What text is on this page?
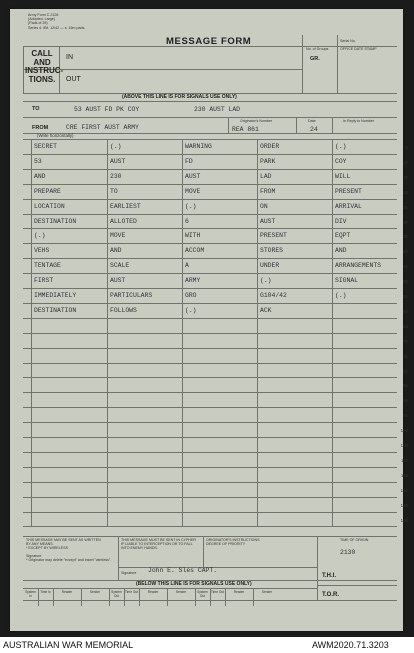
Army Form C.2128
(Adopted. Large)
(Pads of 25)
Series 4. 5M. 12/42 — s. 16m pads.
MESSAGE FORM	Serial No.
No. of Groups
GR.
OFFICE DATE STAMP
CALL
AND
INSTRUC-
TIONS.
IN
OUT
(ABOVE THIS LINE IS FOR SIGNALS USE ONLY)
TO	53 AUST FD PK COY	230 AUST LAD
FROM	CRE FIRST AUST ARMY
Originator's Number
REA 861
Date
24
In Reply to Number
(Write horizontally)
SECRET	(.)	WARNING	ORDER	(.)
53	AUST	FD	PARK	COY
AND	230	AUST	LAD	WILL
PREPARE	TO	MOVE	FROM	PRESENT
LOCATION	EARLIEST	(.)	ON	ARRIVAL
DESTINATION	ALLOTED	6	AUST	DIV
(.)	MOVE	WITH	PRESENT	EQPT
VEHS	AND	ACCOM	STORES	AND
TENTAGE	SCALE	A	UNDER	ARRANGEMENTS
FIRST	AUST	ARMY	(.)	SIGNAL
IMMEDIATELY	PARTICULARS	GRO	G104/42	(.)
DESTINATION	FOLLOWS	(.)	ACK
5
10
15
20
25
30
35
40
45
50
55
60
65
70
75
80
85
90
95
100
105
110
115
120
125
130
THIS MESSAGE MAY BE SENT AS WRITTEN
BY ANY MEANS.
* EXCEPT BY WIRELESS
THIS MESSAGE MUST BE SENT IN CYPHER
IF LIABLE TO INTERCEPTION OR TO FALL
INTO ENEMY HANDS.
ORIGINATOR'S INSTRUCTIONS
DEGREE OF PRIORITY
Signature
* Originator may delete "except" and insert "wireless".
Signature John E. Sles CAPT.
TIME OF ORIGIN
2130
(BELOW THIS LINE IS FOR SIGNALS USE ONLY)
T.H.I.
T.O.R.
System In
Time In	Reader	Sender	System Out
Time Out	Reader	Sender	System Out
Time Out	Reader	Sender
AUSTRALIAN WAR MEMORIAL	AWM2020.71.3203
